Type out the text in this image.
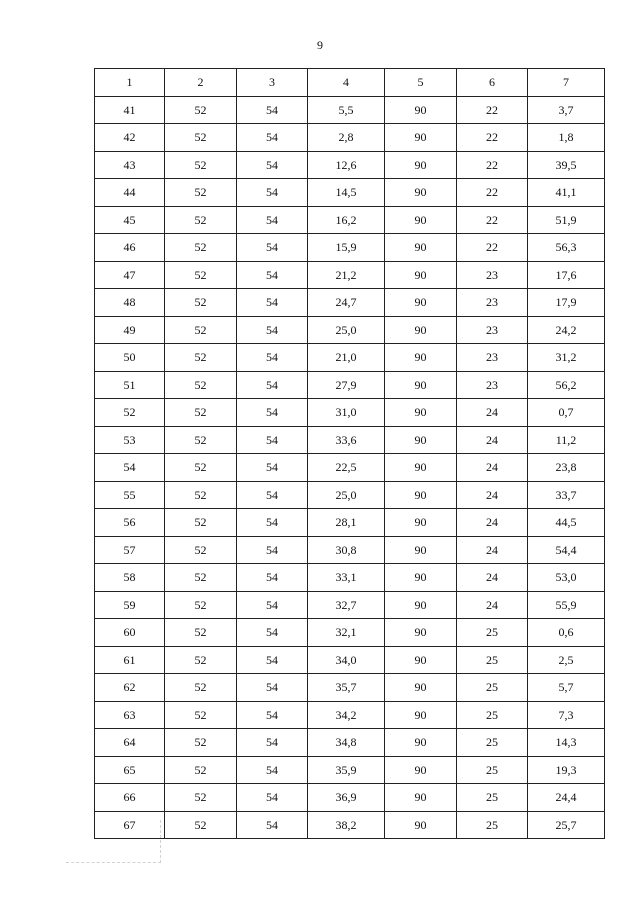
9
1	2	3	4	5	6	7
41	52	54	5,5	90	22	3,7
42	52	54	2,8	90	22	1,8
43	52	54	12,6	90	22	39,5
44	52	54	14,5	90	22	41,1
45	52	54	16,2	90	22	51,9
46	52	54	15,9	90	22	56,3
47	52	54	21,2	90	23	17,6
48	52	54	24,7	90	23	17,9
49	52	54	25,0	90	23	24,2
50	52	54	21,0	90	23	31,2
51	52	54	27,9	90	23	56,2
52	52	54	31,0	90	24	0,7
53	52	54	33,6	90	24	11,2
54	52	54	22,5	90	24	23,8
55	52	54	25,0	90	24	33,7
56	52	54	28,1	90	24	44,5
57	52	54	30,8	90	24	54,4
58	52	54	33,1	90	24	53,0
59	52	54	32,7	90	24	55,9
60	52	54	32,1	90	25	0,6
61	52	54	34,0	90	25	2,5
62	52	54	35,7	90	25	5,7
63	52	54	34,2	90	25	7,3
64	52	54	34,8	90	25	14,3
65	52	54	35,9	90	25	19,3
66	52	54	36,9	90	25	24,4
67	52	54	38,2	90	25	25,7
